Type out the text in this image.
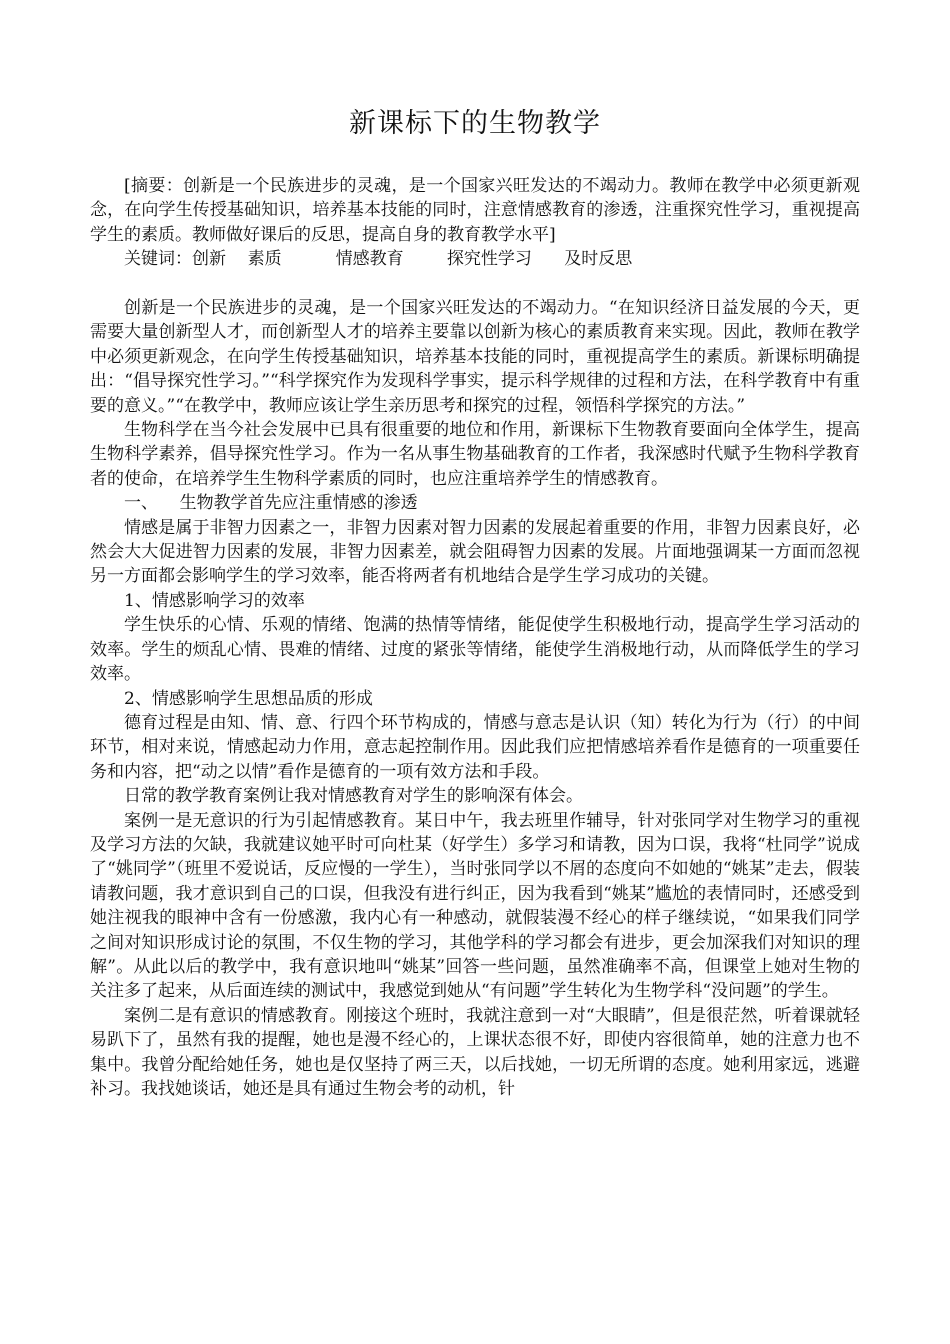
新课标下的生物教学

[摘要：创新是一个民族进步的灵魂，是一个国家兴旺发达的不竭动力。教师在教学中必须更新观念，在向学生传授基础知识，培养基本技能的同时，注意情感教育的渗透，注重探究性学习，重视提高学生的素质。教师做好课后的反思，提高自身的教育教学水平]

关键词：创新    素质          情感教育        探究性学习      及时反思

创新是一个民族进步的灵魂，是一个国家兴旺发达的不竭动力。“在知识经济日益发展的今天，更需要大量创新型人才，而创新型人才的培养主要靠以创新为核心的素质教育来实现。因此，教师在教学中必须更新观念，在向学生传授基础知识，培养基本技能的同时，重视提高学生的素质。新课标明确提出：“倡导探究性学习。”“科学探究作为发现科学事实，提示科学规律的过程和方法，在科学教育中有重要的意义。”“在教学中，教师应该让学生亲历思考和探究的过程，领悟科学探究的方法。”

生物科学在当今社会发展中已具有很重要的地位和作用，新课标下生物教育要面向全体学生，提高生物科学素养，倡导探究性学习。作为一名从事生物基础教育的工作者，我深感时代赋予生物科学教育者的使命，在培养学生生物科学素质的同时，也应注重培养学生的情感教育。

一、    生物教学首先应注重情感的渗透

情感是属于非智力因素之一，非智力因素对智力因素的发展起着重要的作用，非智力因素良好，必然会大大促进智力因素的发展，非智力因素差，就会阻碍智力因素的发展。片面地强调某一方面而忽视另一方面都会影响学生的学习效率，能否将两者有机地结合是学生学习成功的关键。

1、情感影响学习的效率

学生快乐的心情、乐观的情绪、饱满的热情等情绪，能促使学生积极地行动，提高学生学习活动的效率。学生的烦乱心情、畏难的情绪、过度的紧张等情绪，能使学生消极地行动，从而降低学生的学习效率。

2、情感影响学生思想品质的形成

德育过程是由知、情、意、行四个环节构成的，情感与意志是认识（知）转化为行为（行）的中间环节，相对来说，情感起动力作用，意志起控制作用。因此我们应把情感培养看作是德育的一项重要任务和内容，把“动之以情”看作是德育的一项有效方法和手段。

日常的教学教育案例让我对情感教育对学生的影响深有体会。

案例一是无意识的行为引起情感教育。某日中午，我去班里作辅导，针对张同学对生物学习的重视及学习方法的欠缺，我就建议她平时可向杜某（好学生）多学习和请教，因为口误，我将“杜同学”说成了“姚同学”（班里不爱说话，反应慢的一学生），当时张同学以不屑的态度向不如她的“姚某”走去，假装请教问题，我才意识到自己的口误，但我没有进行纠正，因为我看到“姚某”尴尬的表情同时，还感受到她注视我的眼神中含有一份感激，我内心有一种感动，就假装漫不经心的样子继续说，“如果我们同学之间对知识形成讨论的氛围，不仅生物的学习，其他学科的学习都会有进步，更会加深我们对知识的理解”。从此以后的教学中，我有意识地叫“姚某”回答一些问题，虽然准确率不高，但课堂上她对生物的关注多了起来，从后面连续的测试中，我感觉到她从“有问题”学生转化为生物学科“没问题”的学生。

案例二是有意识的情感教育。刚接这个班时，我就注意到一对“大眼睛”，但是很茫然，听着课就轻易趴下了，虽然有我的提醒，她也是漫不经心的，上课状态很不好，即使内容很简单，她的注意力也不集中。我曾分配给她任务，她也是仅坚持了两三天，以后找她，一切无所谓的态度。她利用家远，逃避补习。我找她谈话，她还是具有通过生物会考的动机，针
